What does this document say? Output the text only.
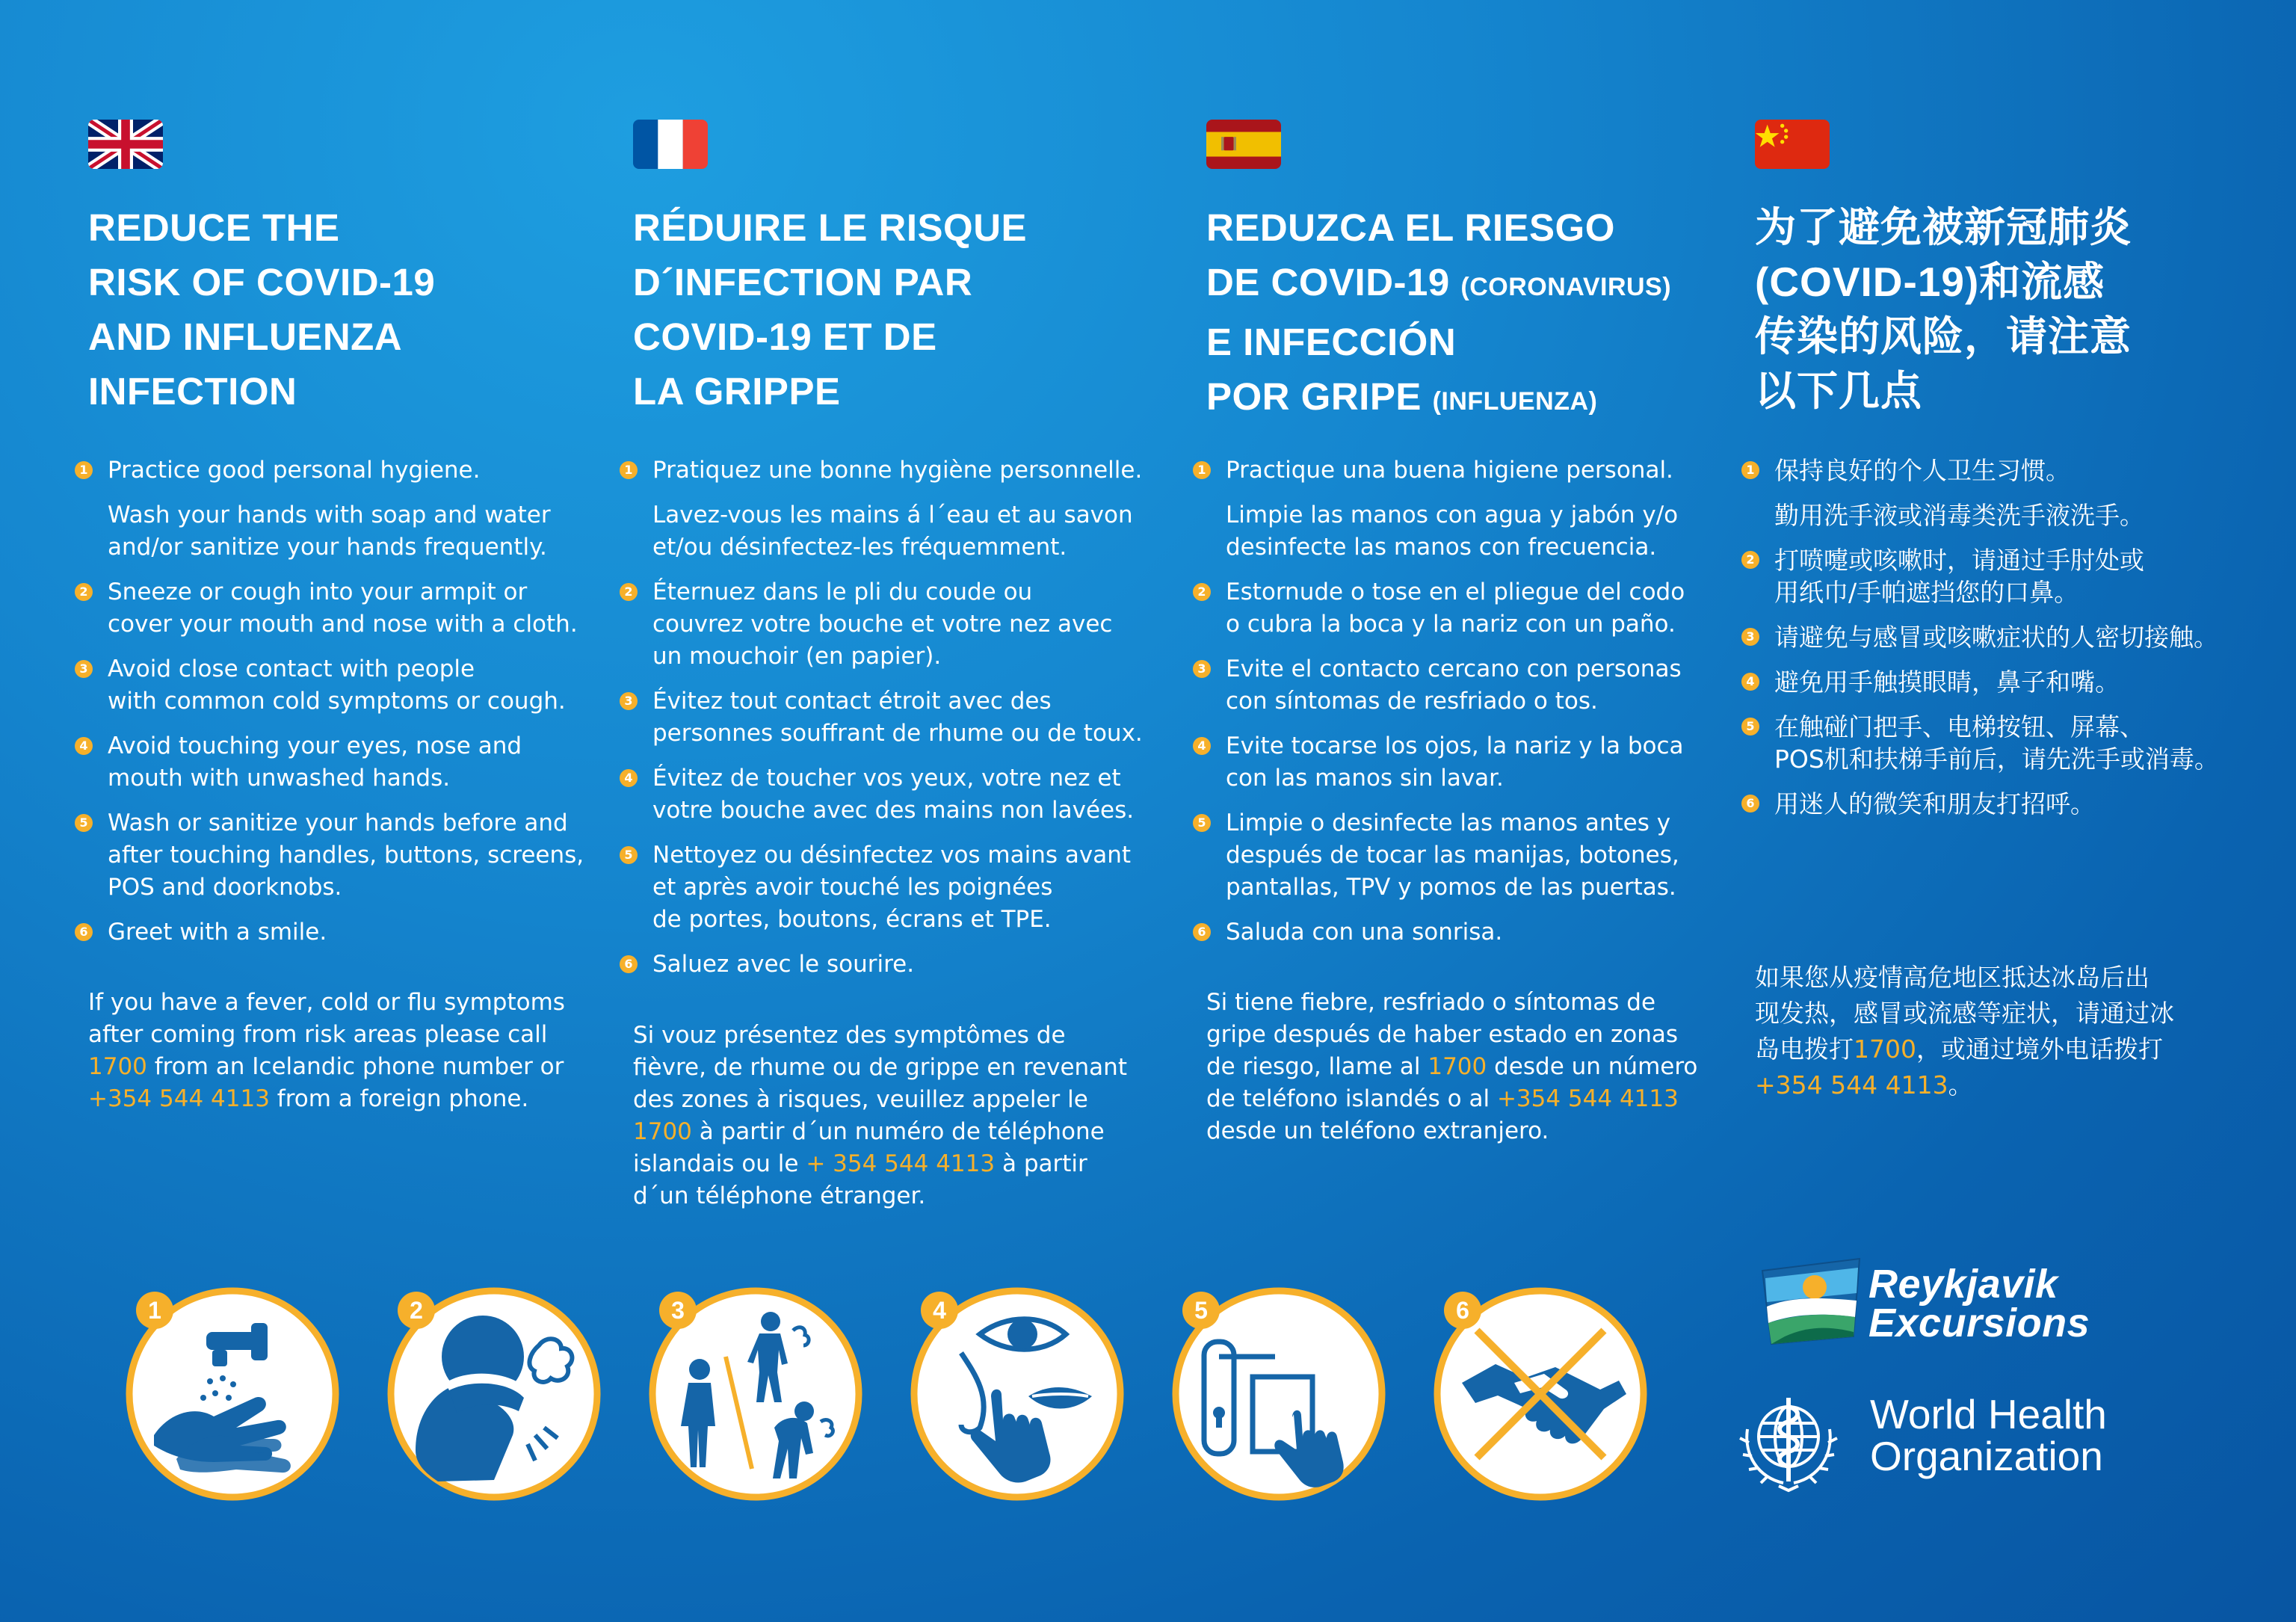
REDUCE THE
RISK OF COVID-19
AND INFLUENZA
INFECTION
1 Practice good personal hygiene.
Wash your hands with soap and water
and/or sanitize your hands frequently.
2 Sneeze or cough into your armpit or
cover your mouth and nose with a cloth.
3 Avoid close contact with people
with common cold symptoms or cough.
4 Avoid touching your eyes, nose and
mouth with unwashed hands.
5 Wash or sanitize your hands before and
after touching handles, buttons, screens,
POS and doorknobs.
6 Greet with a smile.
If you have a fever, cold or flu symptoms
after coming from risk areas please call
1700 from an Icelandic phone number or
+354 544 4113 from a foreign phone.
RÉDUIRE LE RISQUE
D´INFECTION PAR
COVID-19 ET DE
LA GRIPPE
1 Pratiquez une bonne hygiène personnelle.
Lavez-vous les mains á l´eau et au savon
et/ou désinfectez-les fréquemment.
2 Éternuez dans le pli du coude ou
couvrez votre bouche et votre nez avec
un mouchoir (en papier).
3 Évitez tout contact étroit avec des
personnes souffrant de rhume ou de toux.
4 Évitez de toucher vos yeux, votre nez et
votre bouche avec des mains non lavées.
5 Nettoyez ou désinfectez vos mains avant
et après avoir touché les poignées
de portes, boutons, écrans et TPE.
6 Saluez avec le sourire.
Si vouz présentez des symptômes de
fièvre, de rhume ou de grippe en revenant
des zones à risques, veuillez appeler le
1700 à partir d´un numéro de téléphone
islandais ou le + 354 544 4113 à partir
d´un téléphone étranger.
REDUZCA EL RIESGO
DE COVID-19 (CORONAVIRUS)
E INFECCIÓN
POR GRIPE (INFLUENZA)
1 Practique una buena higiene personal.
Limpie las manos con agua y jabón y/o
desinfecte las manos con frecuencia.
2 Estornude o tose en el pliegue del codo
o cubra la boca y la nariz con un paño.
3 Evite el contacto cercano con personas
con síntomas de resfriado o tos.
4 Evite tocarse los ojos, la nariz y la boca
con las manos sin lavar.
5 Limpie o desinfecte las manos antes y
después de tocar las manijas, botones,
pantallas, TPV y pomos de las puertas.
6 Saluda con una sonrisa.
Si tiene fiebre, resfriado o síntomas de
gripe después de haber estado en zonas
de riesgo, llame al 1700 desde un número
de teléfono islandés o al +354 544 4113
desde un teléfono extranjero.
为了避免被新冠肺炎
(COVID-19)和流感
传染的风险，请注意
以下几点
1 保持良好的个人卫生习惯。
勤用洗手液或消毒类洗手液洗手。
2 打喷嚏或咳嗽时，请通过手肘处或
用纸巾/手帕遮挡您的口鼻。
3 请避免与感冒或咳嗽症状的人密切接触。
4 避免用手触摸眼睛，鼻子和嘴。
5 在触碰门把手、电梯按钮、屏幕、
POS机和扶梯手前后，请先洗手或消毒。
6 用迷人的微笑和朋友打招呼。
如果您从疫情高危地区抵达冰岛后出
现发热，感冒或流感等症状，请通过冰
岛电拨打1700，或通过境外电话拨打
+354 544 4113。
1	2	3	4	5	6
Reykjavik
Excursions
World Health
Organization
